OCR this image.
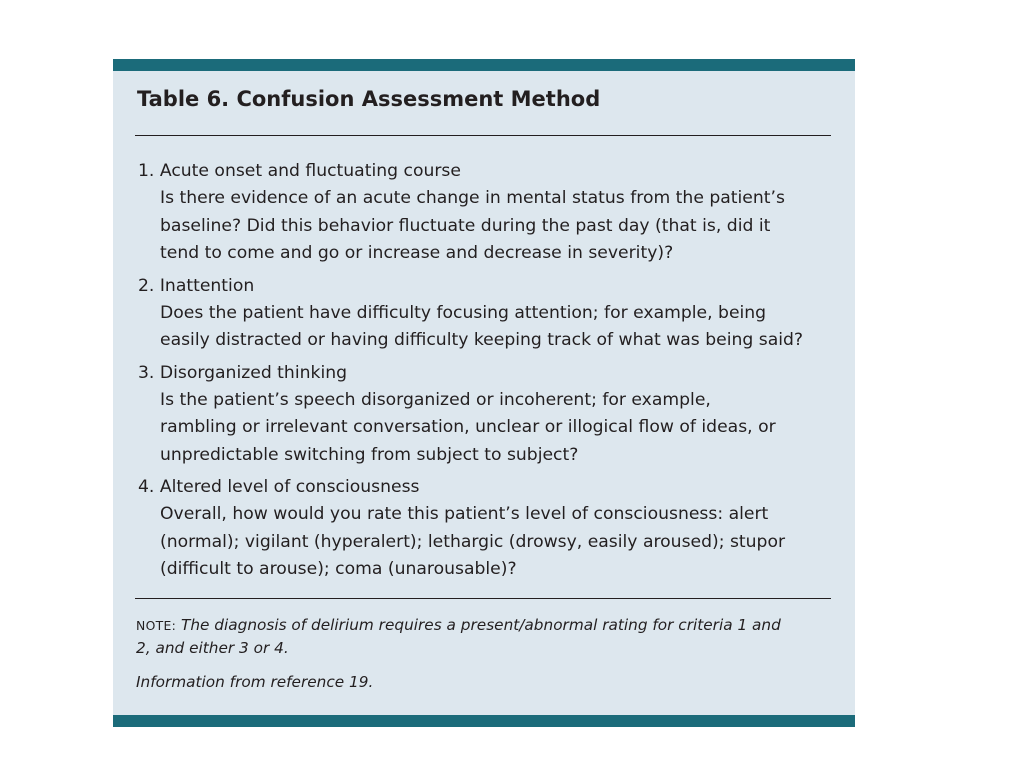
Table 6. Confusion Assessment Method
1. Acute onset and fluctuating course
Is there evidence of an acute change in mental status from the patient’s
baseline? Did this behavior fluctuate during the past day (that is, did it
tend to come and go or increase and decrease in severity)?
2. Inattention
Does the patient have difficulty focusing attention; for example, being
easily distracted or having difficulty keeping track of what was being said?
3. Disorganized thinking
Is the patient’s speech disorganized or incoherent; for example,
rambling or irrelevant conversation, unclear or illogical flow of ideas, or
unpredictable switching from subject to subject?
4. Altered level of consciousness
Overall, how would you rate this patient’s level of consciousness: alert
(normal); vigilant (hyperalert); lethargic (drowsy, easily aroused); stupor
(difficult to arouse); coma (unarousable)?
NOTE: The diagnosis of delirium requires a present/abnormal rating for criteria 1 and
2, and either 3 or 4.
Information from reference 19.
